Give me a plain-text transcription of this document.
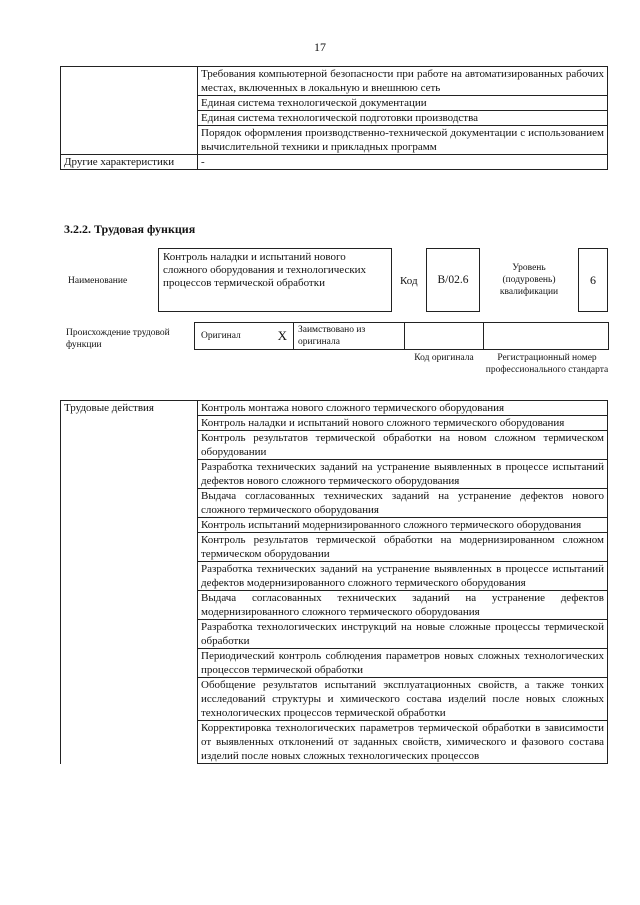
17
	Требования компьютерной безопасности при работе на автоматизированных рабочих местах, включенных в локальную и внешнюю сеть
	Единая система технологической документации
	Единая система технологической подготовки производства
	Порядок оформления производственно-технической документации с использованием вычислительной техники и прикладных программ
Другие характеристики	-
3.2.2. Трудовая функция
Наименование
Контроль наладки и испытаний нового сложного оборудования и технологических процессов термической обработки	Код	B/02.6
Уровень (подуровень) квалификации
6
Происхождение трудовой функции
Оригинал	X	Заимствовано из оригинала
Код оригинала	Регистрационный номер профессионального стандарта
Трудовые действия	Контроль монтажа нового сложного термического оборудования
Контроль наладки и испытаний нового сложного термического оборудования
Контроль результатов термической обработки на новом сложном термическом оборудовании
Разработка технических заданий на устранение выявленных в процессе испытаний дефектов нового сложного термического оборудования
Выдача согласованных технических заданий на устранение дефектов нового сложного термического оборудования
Контроль испытаний модернизированного сложного термического оборудования
Контроль результатов термической обработки на модернизированном сложном термическом оборудовании
Разработка технических заданий на устранение выявленных в процессе испытаний дефектов модернизированного сложного термического оборудования
Выдача согласованных технических заданий на устранение дефектов модернизированного сложного термического оборудования
Разработка технологических инструкций на новые сложные процессы термической обработки
Периодический контроль соблюдения параметров новых сложных технологических процессов термической обработки
Обобщение результатов испытаний эксплуатационных свойств, а также тонких исследований структуры и химического состава изделий после новых сложных технологических процессов термической обработки
Корректировка технологических параметров термической обработки в зависимости от выявленных отклонений от заданных свойств, химического и фазового состава изделий после новых сложных технологических процессов
